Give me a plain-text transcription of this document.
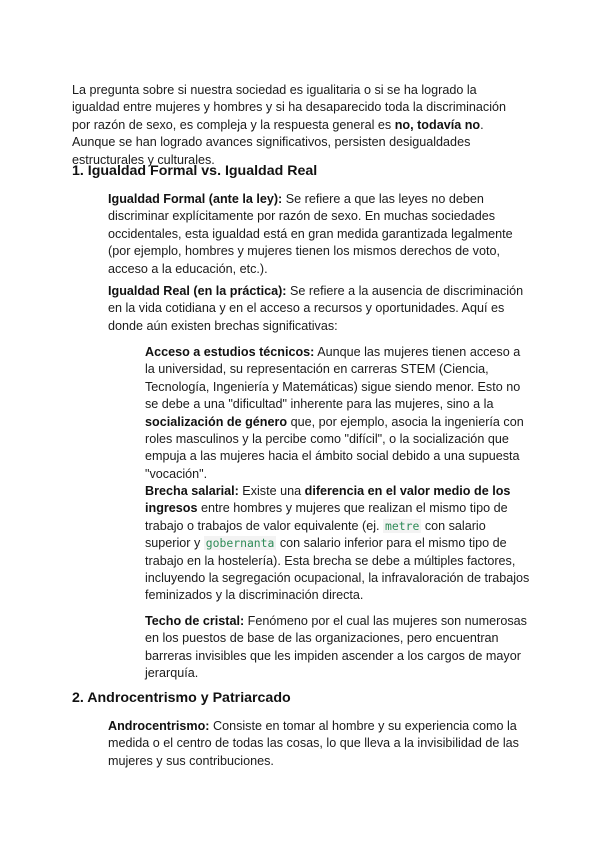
La pregunta sobre si nuestra sociedad es igualitaria o si se ha logrado la igualdad entre mujeres y hombres y si ha desaparecido toda la discriminación por razón de sexo, es compleja y la respuesta general es no, todavía no. Aunque se han logrado avances significativos, persisten desigualdades estructurales y culturales.

1. Igualdad Formal vs. Igualdad Real

Igualdad Formal (ante la ley): Se refiere a que las leyes no deben discriminar explícitamente por razón de sexo. En muchas sociedades occidentales, esta igualdad está en gran medida garantizada legalmente (por ejemplo, hombres y mujeres tienen los mismos derechos de voto, acceso a la educación, etc.).

Igualdad Real (en la práctica): Se refiere a la ausencia de discriminación en la vida cotidiana y en el acceso a recursos y oportunidades. Aquí es donde aún existen brechas significativas:

Acceso a estudios técnicos: Aunque las mujeres tienen acceso a la universidad, su representación en carreras STEM (Ciencia, Tecnología, Ingeniería y Matemáticas) sigue siendo menor. Esto no se debe a una "dificultad" inherente para las mujeres, sino a la socialización de género que, por ejemplo, asocia la ingeniería con roles masculinos y la percibe como "difícil", o la socialización que empuja a las mujeres hacia el ámbito social debido a una supuesta "vocación".

Brecha salarial: Existe una diferencia en el valor medio de los ingresos entre hombres y mujeres que realizan el mismo tipo de trabajo o trabajos de valor equivalente (ej. metre con salario superior y gobernanta con salario inferior para el mismo tipo de trabajo en la hostelería). Esta brecha se debe a múltiples factores, incluyendo la segregación ocupacional, la infravaloración de trabajos feminizados y la discriminación directa.

Techo de cristal: Fenómeno por el cual las mujeres son numerosas en los puestos de base de las organizaciones, pero encuentran barreras invisibles que les impiden ascender a los cargos de mayor jerarquía.

2. Androcentrismo y Patriarcado

Androcentrismo: Consiste en tomar al hombre y su experiencia como la medida o el centro de todas las cosas, lo que lleva a la invisibilidad de las mujeres y sus contribuciones.
